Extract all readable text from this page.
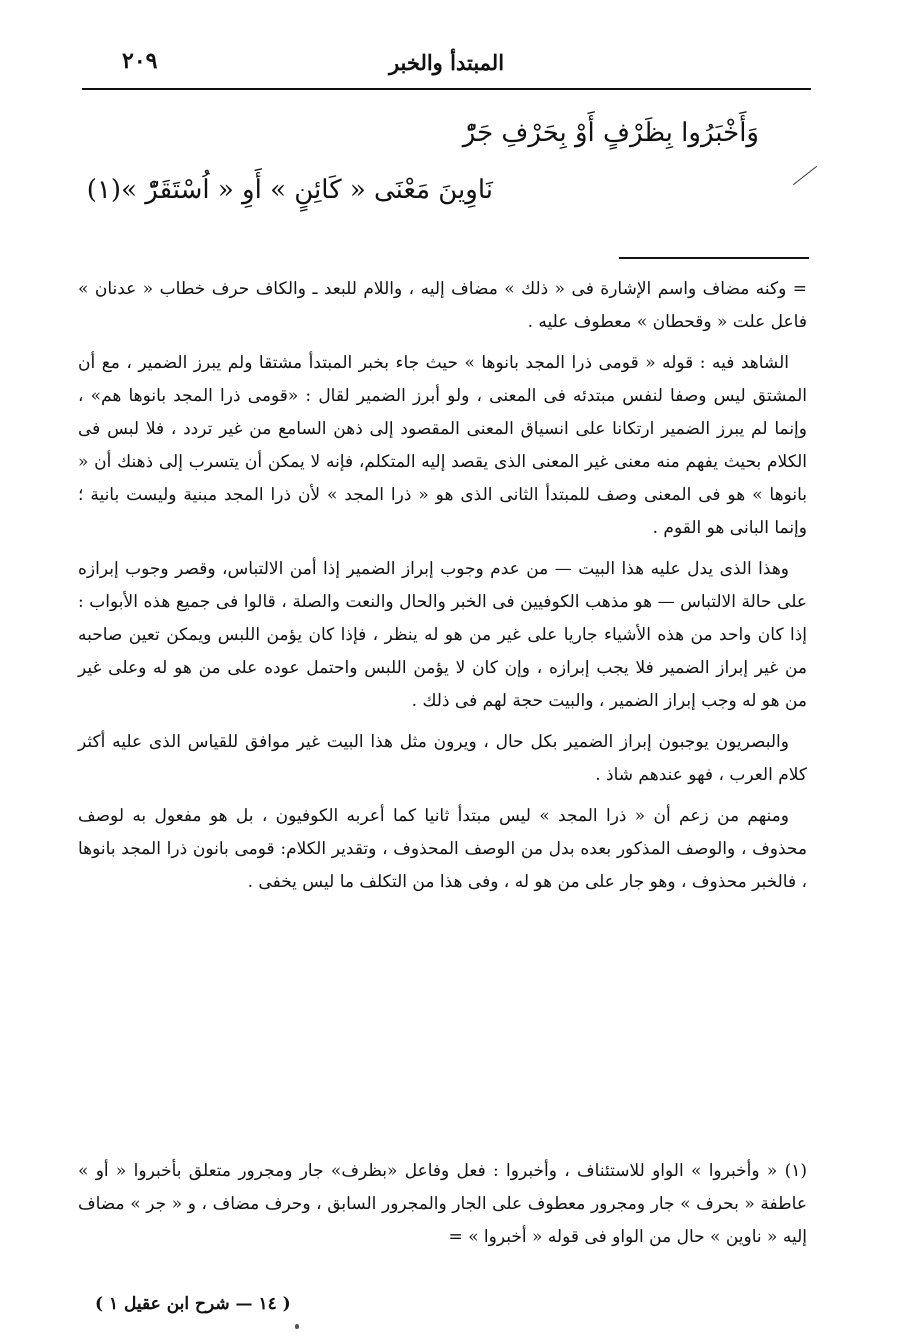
المبتدأ والخبر
٢٠٩
وَأَخْبَرُوا بِظَرْفٍ أَوْ بِحَرْفِ جَرّْ
نَاوِينَ مَعْنَى « كَائِنٍ » أَوِ « اُسْتَقَرّْ »(١)

= وكنه مضاف واسم الإشارة فى « ذلك » مضاف إليه ، واللام للبعد ـ والكاف حرف خطاب « عدنان » فاعل علت « وقحطان » معطوف عليه .

الشاهد فيه : قوله « قومى ذرا المجد بانوها » حيث جاء بخبر المبتدأ مشتقا ولم يبرز الضمير ، مع أن المشتق ليس وصفا لنفس مبتدئه فى المعنى ، ولو أبرز الضمير لقال : «قومى ذرا المجد بانوها هم» ، وإنما لم يبرز الضمير ارتكانا على انسياق المعنى المقصود إلى ذهن السامع من غير تردد ، فلا لبس فى الكلام بحيث يفهم منه معنى غير المعنى الذى يقصد إليه المتكلم، فإنه لا يمكن أن يتسرب إلى ذهنك أن « بانوها » هو فى المعنى وصف للمبتدأ الثانى الذى هو « ذرا المجد » لأن ذرا المجد مبنية وليست بانية ؛ وإنما البانى هو القوم .

وهذا الذى يدل عليه هذا البيت — من عدم وجوب إبراز الضمير إذا أمن الالتباس، وقصر وجوب إبرازه على حالة الالتباس — هو مذهب الكوفيين فى الخبر والحال والنعت والصلة ، قالوا فى جميع هذه الأبواب : إذا كان واحد من هذه الأشياء جاريا على غير من هو له ينظر ، فإذا كان يؤمن اللبس ويمكن تعين صاحبه من غير إبراز الضمير فلا يجب إبرازه ، وإن كان لا يؤمن اللبس واحتمل عوده على من هو له وعلى غير من هو له وجب إبراز الضمير ، والبيت حجة لهم فى ذلك .

والبصريون يوجبون إبراز الضمير بكل حال ، ويرون مثل هذا البيت غير موافق للقياس الذى عليه أكثر كلام العرب ، فهو عندهم شاذ .

ومنهم من زعم أن « ذرا المجد » ليس مبتدأ ثانيا كما أعربه الكوفيون ، بل هو مفعول به لوصف محذوف ، والوصف المذكور بعده بدل من الوصف المحذوف ، وتقدير الكلام: قومى بانون ذرا المجد بانوها ، فالخبر محذوف ، وهو جار على من هو له ، وفى هذا من التكلف ما ليس يخفى .

(١) « وأخبروا » الواو للاستئناف ، وأخبروا : فعل وفاعل «بظرف» جار ومجرور متعلق بأخبروا « أو » عاطفة « بحرف » جار ومجرور معطوف على الجار والمجرور السابق ، وحرف مضاف ، و « جر » مضاف إليه « ناوين » حال من الواو فى قوله « أخبروا » =

( ١٤ — شرح ابن عقيل ١ )
